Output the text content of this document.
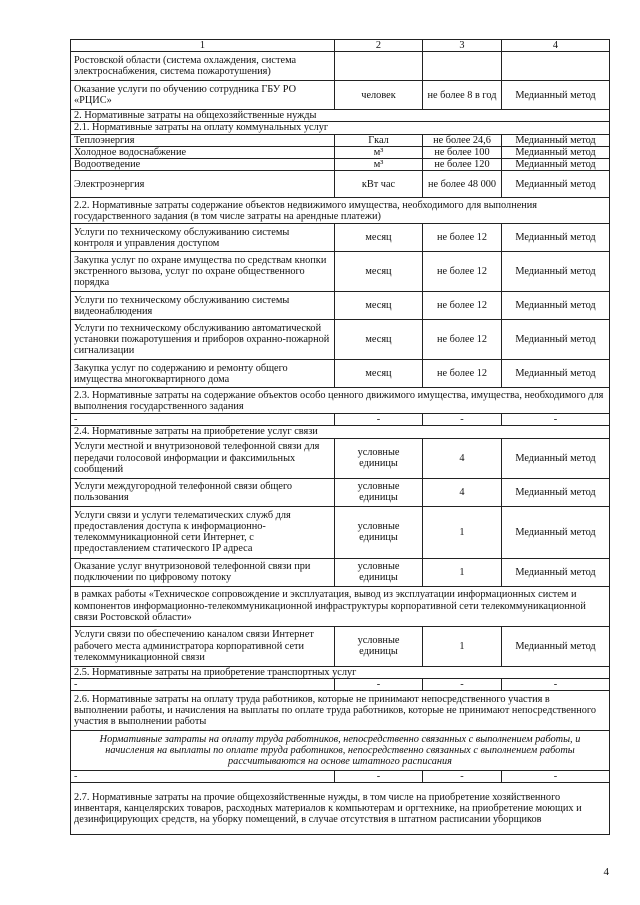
1	2	3	4
Ростовской области (система охлаждения, система электроснабжения, система пожаротушения)			
Оказание услуги по обучению сотрудника ГБУ РО «РЦИС»	человек	не более 8 в год	Медианный метод
2. Нормативные затраты на общехозяйственные нужды			
2.1. Нормативные затраты на оплату коммунальных услуг			
Теплоэнергия	Гкал	не более 24,6	Медианный метод
Холодное водоснабжение	м³	не более 100	Медианный метод
Водоотведение	м³	не более 120	Медианный метод
Электроэнергия	кВт час	не более 48 000	Медианный метод
2.2. Нормативные затраты содержание объектов недвижимого имущества, необходимого для выполнения государственного задания (в том числе затраты на арендные платежи)			
Услуги по техническому обслуживанию системы контроля и управления доступом	месяц	не более 12	Медианный метод
Закупка услуг по охране имущества по средствам кнопки экстренного вызова, услуг по охране общественного порядка	месяц	не более 12	Медианный метод
Услуги по техническому обслуживанию системы видеонаблюдения	месяц	не более 12	Медианный метод
Услуги по техническому обслуживанию автоматической установки пожаротушения и приборов охранно-пожарной сигнализации	месяц	не более 12	Медианный метод
Закупка услуг по содержанию и ремонту общего имущества многоквартирного дома	месяц	не более 12	Медианный метод
2.3. Нормативные затраты на содержание объектов особо ценного движимого имущества, имущества, необходимого для выполнения государственного задания			
-	-	-	-
2.4. Нормативные затраты на приобретение услуг связи			
Услуги местной и внутризоновой телефонной связи для передачи голосовой информации и факсимильных сообщений	условные единицы	4	Медианный метод
Услуги междугородной телефонной связи общего пользования	условные единицы	4	Медианный метод
Услуги связи и услуги телематических служб для предоставления доступа к информационно-телекоммуникационной сети Интернет, с предоставлением статического IP адреса	условные единицы	1	Медианный метод
Оказание услуг внутризоновой телефонной связи при подключении по цифровому потоку	условные единицы	1	Медианный метод
в рамках работы «Техническое сопровождение и эксплуатация, вывод из эксплуатации информационных систем и компонентов информационно-телекоммуникационной инфраструктуры корпоративной сети телекоммуникационной связи Ростовской области»			
Услуги связи по обеспечению каналом связи Интернет рабочего места администратора корпоративной сети телекоммуникационной связи	условные единицы	1	Медианный метод
2.5. Нормативные затраты на приобретение транспортных услуг			
-	-	-	-
2.6. Нормативные затраты на оплату труда работников, которые не принимают непосредственного участия в выполнении работы, и начисления на выплаты по оплате труда работников, которые не принимают непосредственного участия в выполнении работы			
Нормативные затраты на оплату труда работников, непосредственно связанных с выполнением работы, и начисления на выплаты по оплате труда работников, непосредственно связанных с выполнением работы рассчитываются на основе штатного расписания			
-	-	-	-
2.7. Нормативные затраты на прочие общехозяйственные нужды, в том числе на приобретение хозяйственного инвентаря, канцелярских товаров, расходных материалов к компьютерам и оргтехнике, на приобретение моющих и дезинфицирующих средств, на уборку помещений, в случае отсутствия в штатном расписании уборщиков			
4
